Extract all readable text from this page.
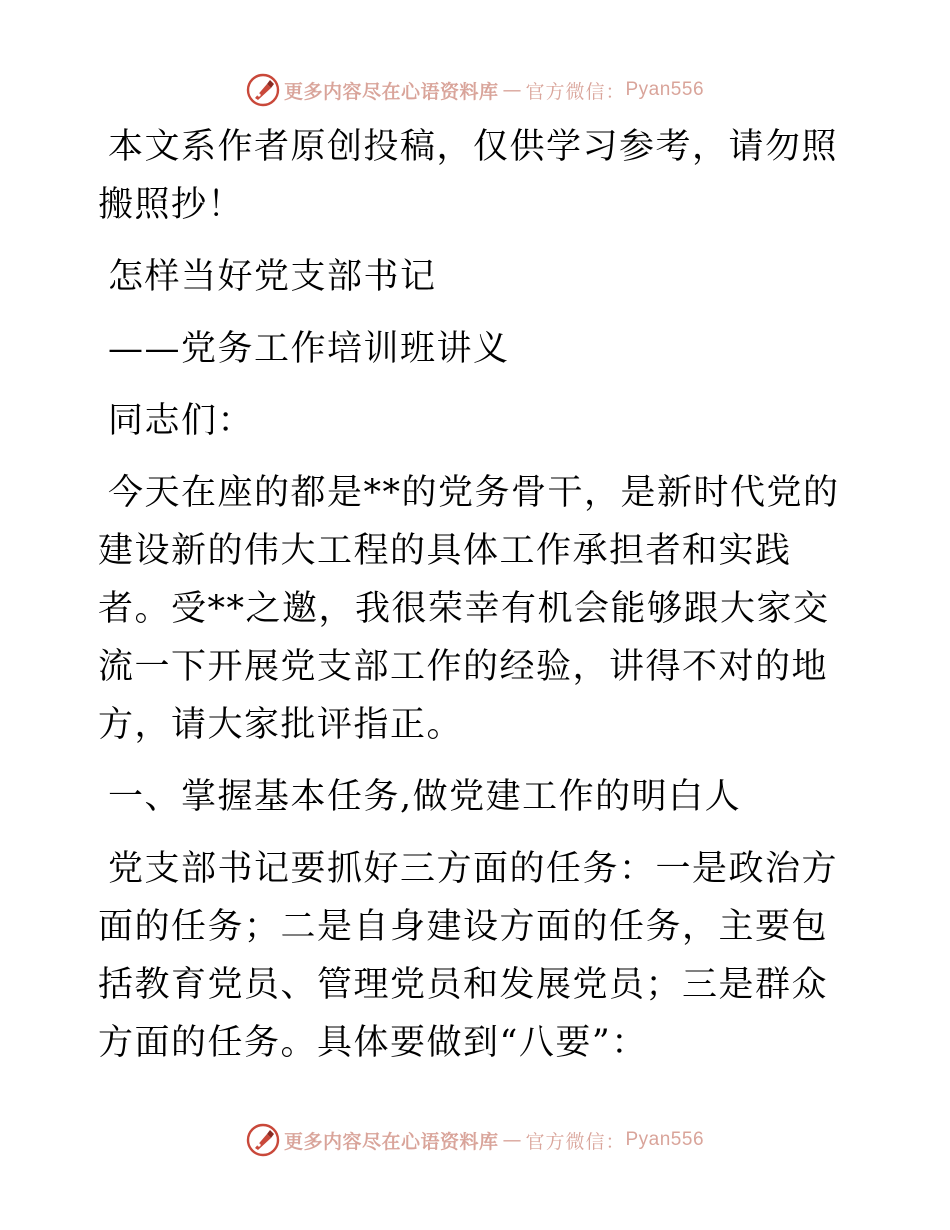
更多内容尽在心语资料库 — 官方微信： Pyan556

本文系作者原创投稿，仅供学习参考，请勿照搬照抄！

怎样当好党支部书记

——党务工作培训班讲义

同志们：

今天在座的都是**的党务骨干，是新时代党的建设新的伟大工程的具体工作承担者和实践者。受**之邀，我很荣幸有机会能够跟大家交流一下开展党支部工作的经验，讲得不对的地方，请大家批评指正。

一、掌握基本任务,做党建工作的明白人

党支部书记要抓好三方面的任务：一是政治方面的任务；二是自身建设方面的任务，主要包括教育党员、管理党员和发展党员；三是群众方面的任务。具体要做到“八要”：

更多内容尽在心语资料库 — 官方微信： Pyan556
